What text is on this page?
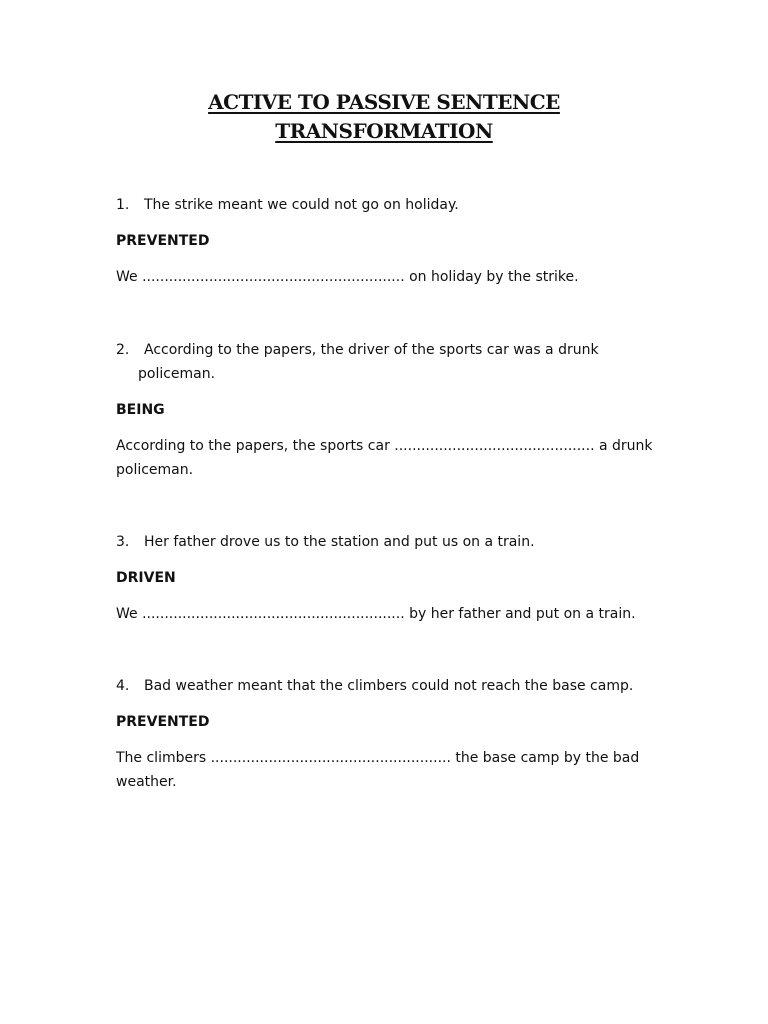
ACTIVE TO PASSIVE SENTENCE
TRANSFORMATION
1. The strike meant we could not go on holiday.
PREVENTED
We ........................................................... on holiday by the strike.
2. According to the papers, the driver of the sports car was a drunk
policeman.
BEING
According to the papers, the sports car ............................................. a drunk
policeman.
3. Her father drove us to the station and put us on a train.
DRIVEN
We ........................................................... by her father and put on a train.
4. Bad weather meant that the climbers could not reach the base camp.
PREVENTED
The climbers ...................................................... the base camp by the bad
weather.
